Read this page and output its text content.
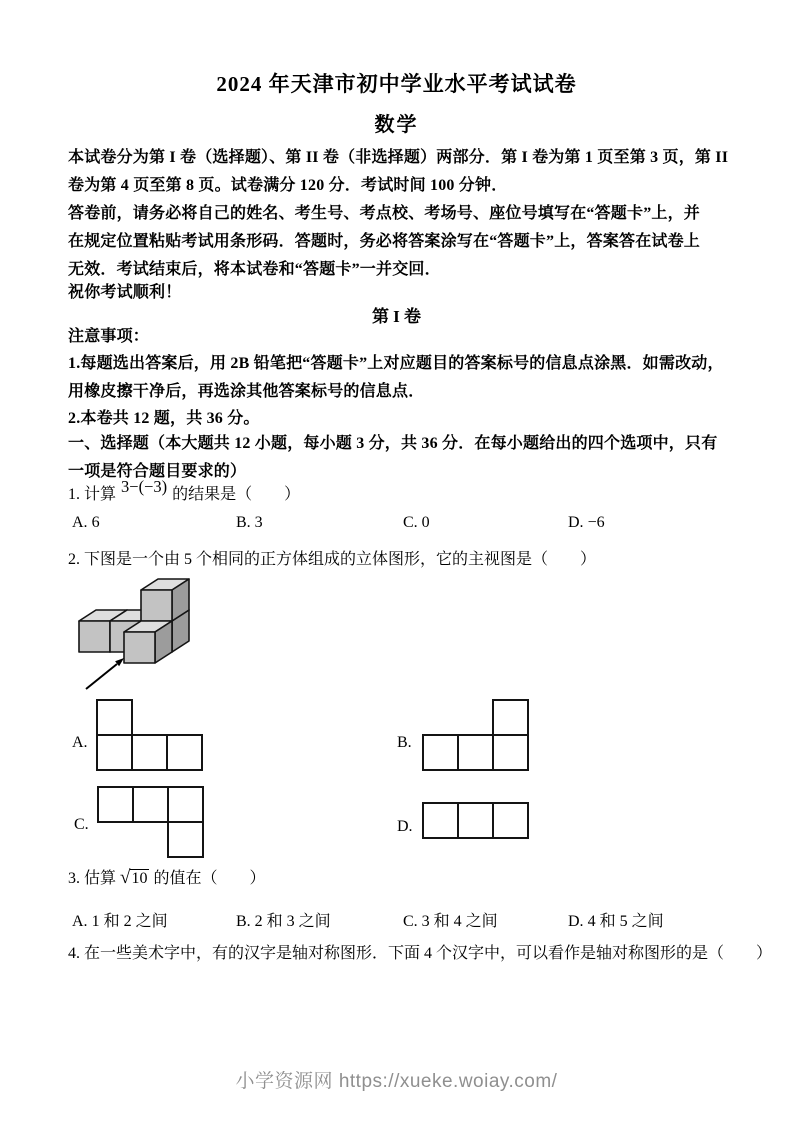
2024 年天津市初中学业水平考试试卷
数学
本试卷分为第 I 卷（选择题）、第 II 卷（非选择题）两部分．第 I 卷为第 1 页至第 3 页，第 II
卷为第 4 页至第 8 页。试卷满分 120 分．考试时间 100 分钟．
答卷前，请务必将自己的姓名、考生号、考点校、考场号、座位号填写在“答题卡”上，并
在规定位置粘贴考试用条形码．答题时，务必将答案涂写在“答题卡”上，答案答在试卷上
无效．考试结束后，将本试卷和“答题卡”一并交回．
祝你考试顺利！
第 I 卷
注意事项：
1.每题选出答案后，用 2B 铅笔把“答题卡”上对应题目的答案标号的信息点涂黑．如需改动，
用橡皮擦干净后，再选涂其他答案标号的信息点．
2.本卷共 12 题，共 36 分。
一、选择题（本大题共 12 小题，每小题 3 分，共 36 分．在每小题给出的四个选项中，只有
一项是符合题目要求的）
1. 计算 3−(−3) 的结果是（　　）
A. 6	B. 3	C. 0	D. −6
2. 下图是一个由 5 个相同的正方体组成的立体图形，它的主视图是（　　）
A.	B.
C.	D.
3. 估算 √10 的值在（　　）
A. 1 和 2 之间	B. 2 和 3 之间	C. 3 和 4 之间	D. 4 和 5 之间
4. 在一些美术字中，有的汉字是轴对称图形．下面 4 个汉字中，可以看作是轴对称图形的是（　　）
小学资源网 https://xueke.woiay.com/
